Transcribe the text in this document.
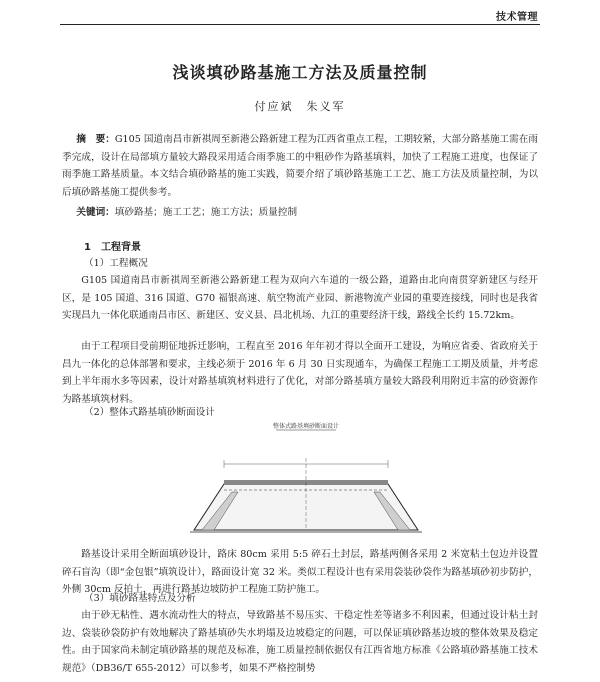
技术管理
浅谈填砂路基施工方法及质量控制
付应斌　朱义军
摘　要：G105 国道南昌市新祺周至新港公路新建工程为江西省重点工程，工期较紧，大部分路基施工需在雨季完成，设计在局部填方量较大路段采用适合雨季施工的中粗砂作为路基填料，加快了工程施工进度，也保证了雨季施工路基质量。本文结合填砂路基的施工实践，简要介绍了填砂路基施工工艺、施工方法及质量控制，为以后填砂路基施工提供参考。
关键词：填砂路基；施工工艺；施工方法；质量控制
1　工程背景
（1）工程概况
G105 国道南昌市新祺周至新港公路新建工程为双向六车道的一级公路，道路由北向南贯穿新建区与经开区，是 105 国道、316 国道、G70 福银高速、航空物流产业园、新港物流产业园的重要连接线，同时也是我省实现昌九一体化联通南昌市区、新建区、安义县、昌北机场、九江的重要经济干线，路线全长约 15.72km。
由于工程项目受前期征地拆迁影响，工程直至 2016 年年初才得以全面开工建设，为响应省委、省政府关于昌九一体化的总体部署和要求，主线必须于 2016 年 6 月 30 日实现通车，为确保工程施工工期及质量，并考虑到上半年雨水多等因素，设计对路基填筑材料进行了优化，对部分路基填方量较大路段利用附近丰富的砂资源作为路基填筑材料。
（2）整体式路基填砂断面设计
整体式路基填砂断面设计
路基设计采用全断面填砂设计，路床 80cm 采用 5:5 碎石土封层，路基两侧各采用 2 米宽粘土包边并设置碎石盲沟（即“金包银”填筑设计），路面设计宽 32 米。类似工程设计也有采用袋装砂袋作为路基填砂初步防护，外侧 30cm 反拍土，再进行路基边坡防护工程施工防护施工。
（3）填砂路基特点及分析
由于砂无粘性、遇水流动性大的特点，导致路基不易压实、干稳定性差等诸多不利因素，但通过设计粘土封边、袋装砂袋防护有效地解决了路基填砂失水坍塌及边坡稳定的问题，可以保证填砂路基边坡的整体效果及稳定性。由于国家尚未制定填砂路基的规范及标准，施工质量控制依据仅有江西省地方标准《公路填砂路基施工技术规范》（DB36/T 655-2012）可以参考，如果不严格控制势
